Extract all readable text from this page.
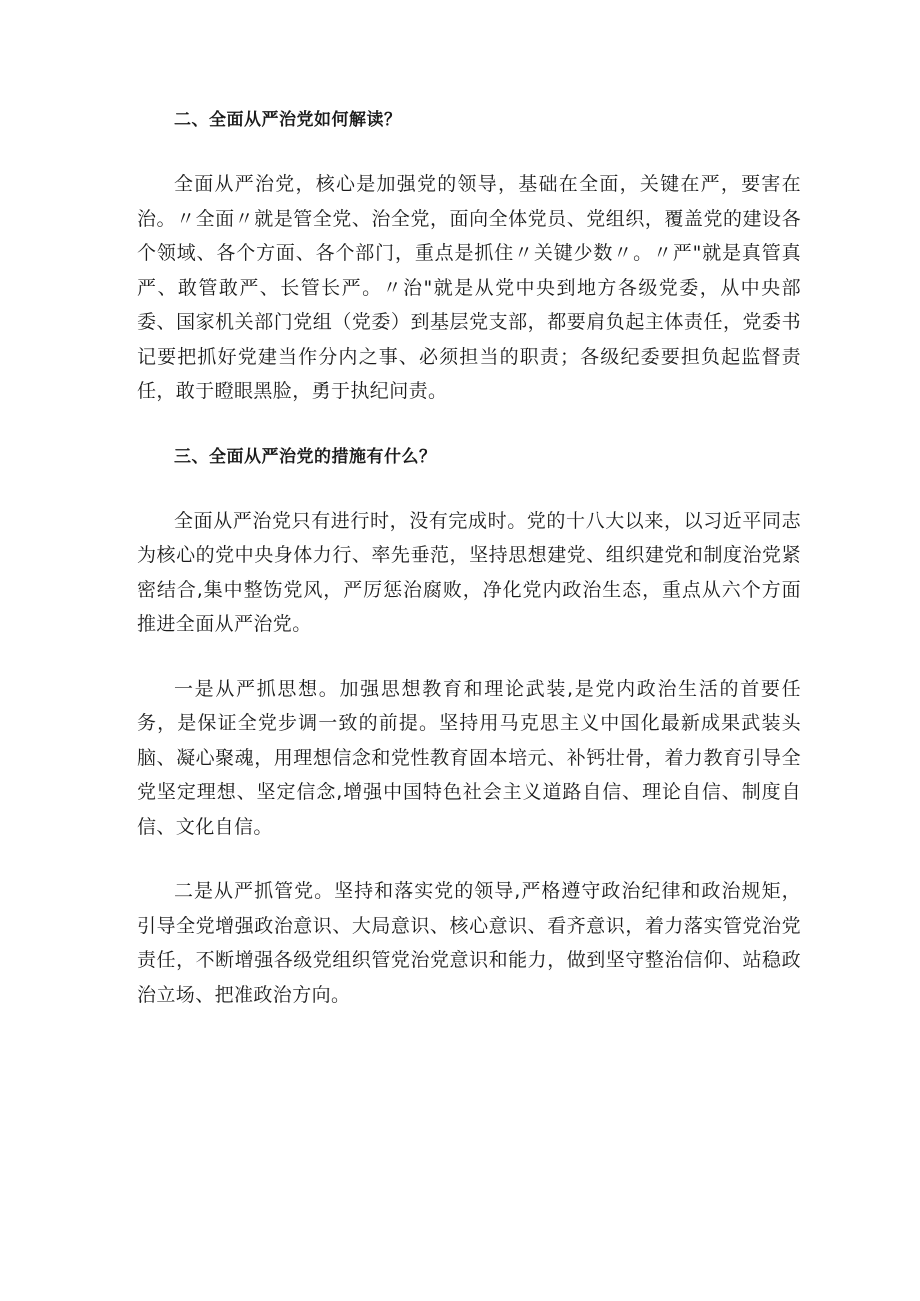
二、全面从严治党如何解读？

全面从严治党，核心是加强党的领导，基础在全面，关键在严，要害在治。〃全面〃就是管全党、治全党，面向全体党员、党组织，覆盖党的建设各个领域、各个方面、各个部门，重点是抓住〃关键少数〃。〃严"就是真管真严、敢管敢严、长管长严。〃治"就是从党中央到地方各级党委，从中央部委、国家机关部门党组（党委）到基层党支部，都要肩负起主体责任，党委书记要把抓好党建当作分内之事、必须担当的职责；各级纪委要担负起监督责任，敢于瞪眼黑脸，勇于执纪问责。

三、全面从严治党的措施有什么？

全面从严治党只有进行时，没有完成时。党的十八大以来，以习近平同志为核心的党中央身体力行、率先垂范，坚持思想建党、组织建党和制度治党紧密结合,集中整饬党风，严厉惩治腐败，净化党内政治生态，重点从六个方面推进全面从严治党。

一是从严抓思想。加强思想教育和理论武装,是党内政治生活的首要任务，是保证全党步调一致的前提。坚持用马克思主义中国化最新成果武装头脑、凝心聚魂，用理想信念和党性教育固本培元、补钙壮骨，着力教育引导全党坚定理想、坚定信念,增强中国特色社会主义道路自信、理论自信、制度自信、文化自信。

二是从严抓管党。坚持和落实党的领导,严格遵守政治纪律和政治规矩，引导全党增强政治意识、大局意识、核心意识、看齐意识，着力落实管党治党责任，不断增强各级党组织管党治党意识和能力，做到坚守整治信仰、站稳政治立场、把准政治方向。
